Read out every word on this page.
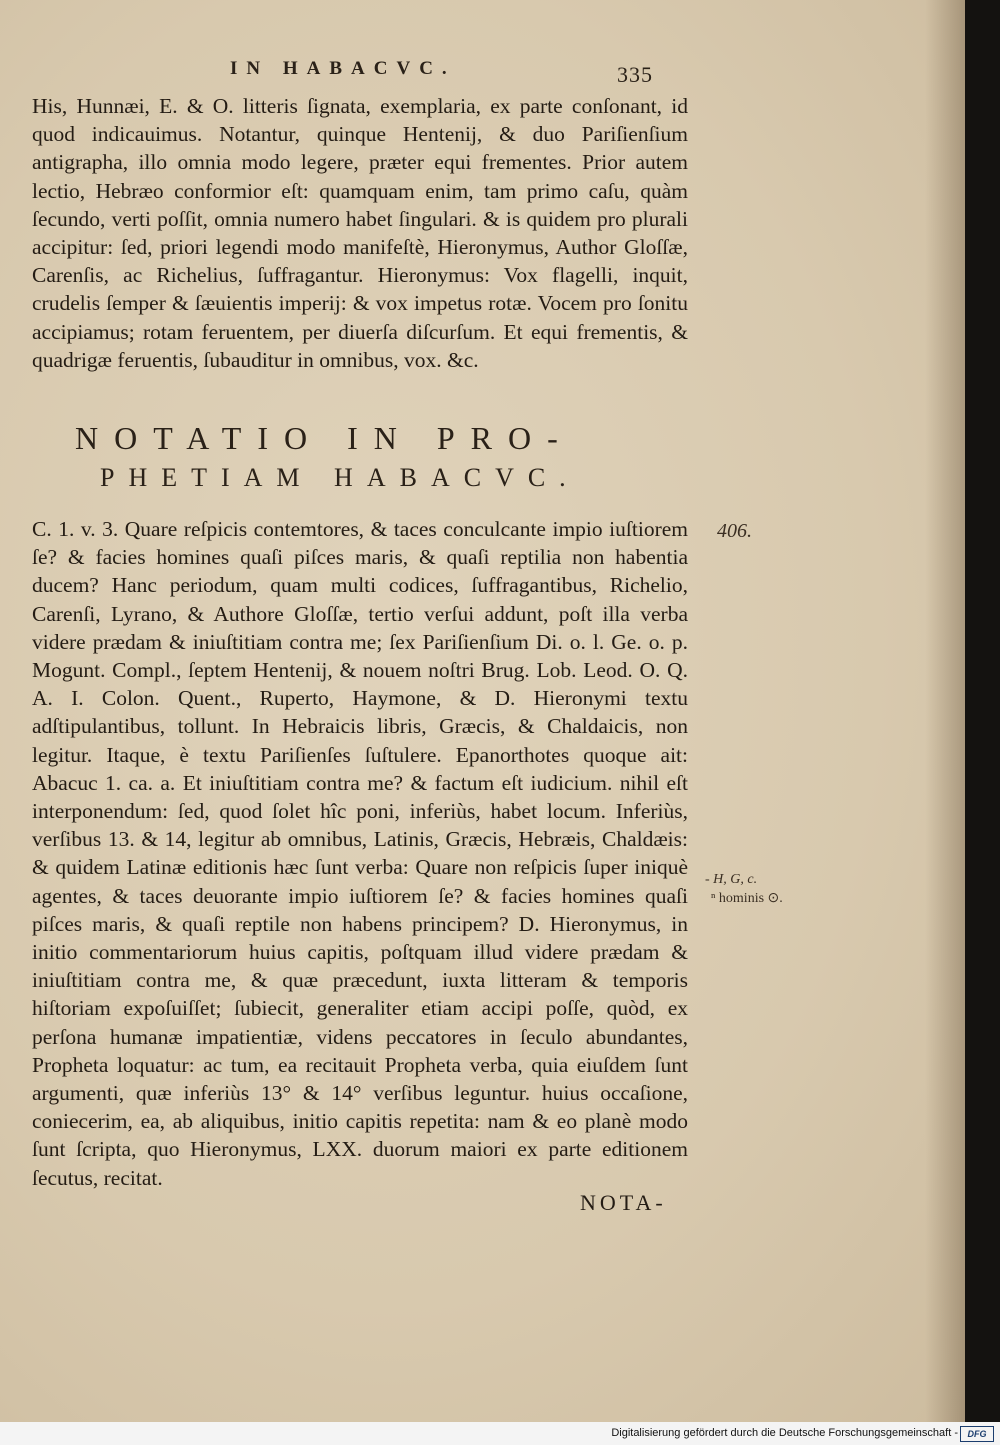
IN HABACVC.	335

His, Hunnæi, E. & O. litteris ſignata, exemplaria, ex parte conſonant, id quod indicauimus. Notantur, quinque Hentenij, & duo Pariſienſium antigrapha, illo omnia modo legere, præter equi frementes. Prior autem lectio, Hebræo conformior eſt: quamquam enim, tam primo caſu, quàm ſecundo, verti poſſit, omnia numero habet ſingulari. & is quidem pro plurali accipitur: ſed, priori legendi modo manifeſtè, Hieronymus, Author Gloſſæ, Carenſis, ac Richelius, ſuffragantur. Hieronymus: Vox flagelli, inquit, crudelis ſemper & ſæuientis imperij: & vox impetus rotæ. Vocem pro ſonitu accipiamus; rotam feruentem, per diuerſa diſcurſum. Et equi frementis, & quadrigæ feruentis, ſubauditur in omnibus, vox. &c.

NOTATIO IN PRO-
PHETIAM HABACVC.

C. 1. v. 3. Quare reſpicis contemtores, & taces conculcante impio iuſtiorem ſe? & facies homines quaſi piſces maris, & quaſi reptilia non habentia ducem? Hanc periodum, quam multi codices, ſuffragantibus, Richelio, Carenſi, Lyrano, & Authore Gloſſæ, tertio verſui addunt, poſt illa verba videre prædam & iniuſtitiam contra me; ſex Pariſienſium Di. o. l. Ge. o. p. Mogunt. Compl., ſeptem Hentenij, & nouem noſtri Brug. Lob. Leod. O. Q. A. I. Colon. Quent., Ruperto, Haymone, & D. Hieronymi textu adſtipulantibus, tollunt. In Hebraicis libris, Græcis, & Chaldaicis, non legitur. Itaque, è textu Pariſienſes ſuſtulere. Epanorthotes quoque ait: Abacuc 1. ca. a. Et iniuſtitiam contra me? & factum eſt iudicium. nihil eſt interponendum: ſed, quod ſolet hîc poni, inferiùs, habet locum. Inferiùs, verſibus 13. & 14, legitur ab omnibus, Latinis, Græcis, Hebræis, Chaldæis: & quidem Latinæ editionis hæc ſunt verba: Quare non reſpicis ſuper iniquè agentes, & taces deuorante impio iuſtiorem ſe? & facies homines quaſi piſces maris, & quaſi reptile non habens principem? D. Hieronymus, in initio commentariorum huius capitis, poſtquam illud videre prædam & iniuſtitiam contra me, & quæ præcedunt, iuxta litteram & temporis hiſtoriam expoſuiſſet; ſubiecit, generaliter etiam accipi poſſe, quòd, ex perſona humanæ impatientiæ, videns peccatores in ſeculo abundantes, Propheta loquatur: ac tum, ea recitauit Propheta verba, quia eiuſdem ſunt argumenti, quæ inferiùs 13° & 14° verſibus leguntur. huius occaſione, coniecerim, ea, ab aliquibus, initio capitis repetita: nam & eo planè modo ſunt ſcripta, quo Hieronymus, LXX. duorum maiori ex parte editionem ſecutus, recitat.

406.
- H, G, c.
ⁿ hominis ⊙.
NOTA-
Digitalisierung gefördert durch die Deutsche Forschungsgemeinschaft -	DFG
